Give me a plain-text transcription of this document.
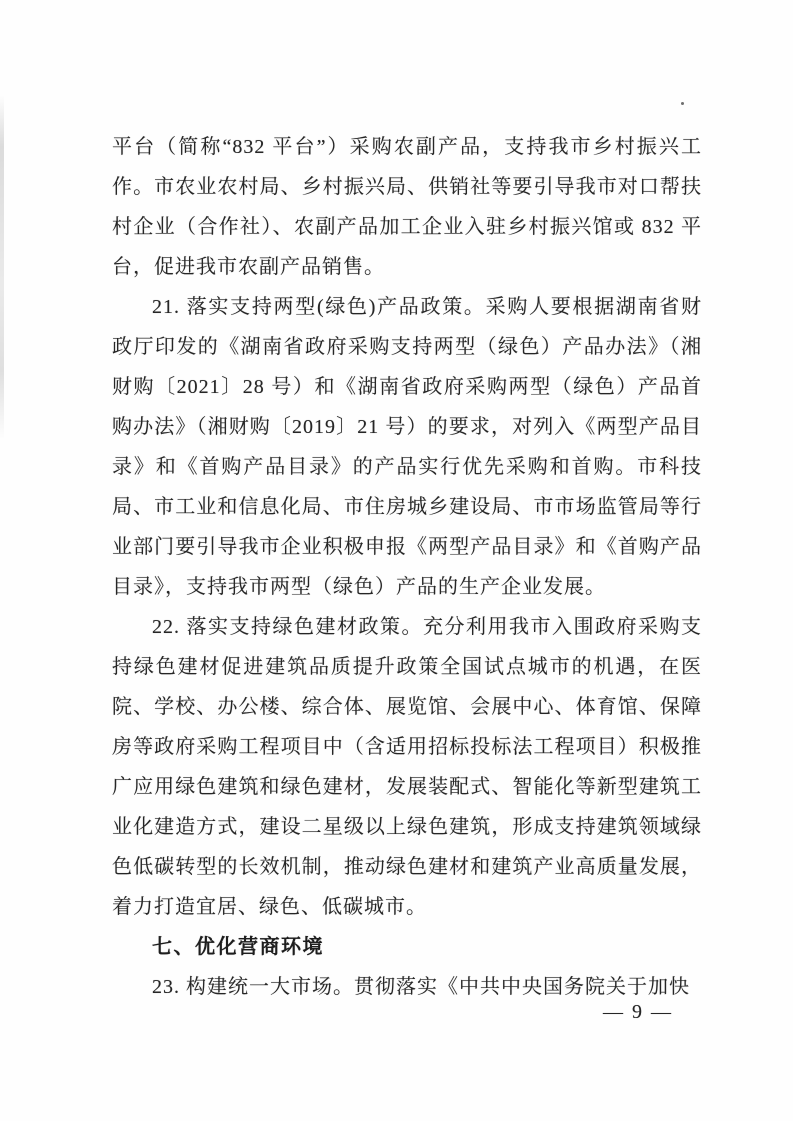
平台（简称“832 平台”）采购农副产品，支持我市乡村振兴工
作。市农业农村局、乡村振兴局、供销社等要引导我市对口帮扶
村企业（合作社）、农副产品加工企业入驻乡村振兴馆或 832 平
台，促进我市农副产品销售。
21. 落实支持两型(绿色)产品政策。采购人要根据湖南省财
政厅印发的《湖南省政府采购支持两型（绿色）产品办法》（湘
财购〔2021〕28 号）和《湖南省政府采购两型（绿色）产品首
购办法》（湘财购〔2019〕21 号）的要求，对列入《两型产品目
录》和《首购产品目录》的产品实行优先采购和首购。市科技
局、市工业和信息化局、市住房城乡建设局、市市场监管局等行
业部门要引导我市企业积极申报《两型产品目录》和《首购产品
目录》，支持我市两型（绿色）产品的生产企业发展。
22. 落实支持绿色建材政策。充分利用我市入围政府采购支
持绿色建材促进建筑品质提升政策全国试点城市的机遇，在医
院、学校、办公楼、综合体、展览馆、会展中心、体育馆、保障
房等政府采购工程项目中（含适用招标投标法工程项目）积极推
广应用绿色建筑和绿色建材，发展装配式、智能化等新型建筑工
业化建造方式，建设二星级以上绿色建筑，形成支持建筑领域绿
色低碳转型的长效机制，推动绿色建材和建筑产业高质量发展，
着力打造宜居、绿色、低碳城市。
七、优化营商环境
23. 构建统一大市场。贯彻落实《中共中央国务院关于加快
— 9 —
